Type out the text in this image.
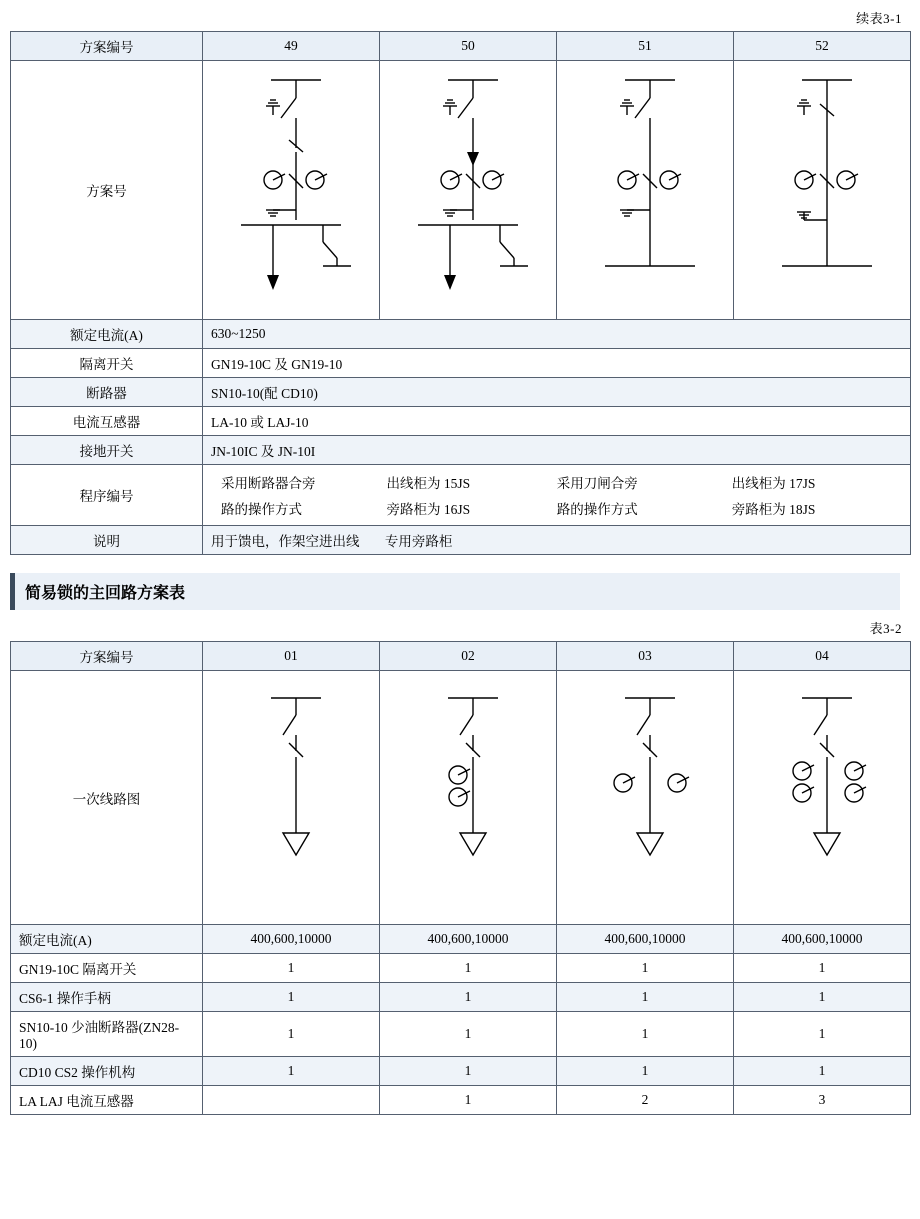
续表3-1
方案编号	49	50	51	52
方案号	

额定电流(A)	630~1250			
隔离开关	GN19-10C 及 GN19-10			
断路器	SN10-10(配 CD10)			
电流互感器	LA-10 或 LAJ-10			
接地开关	JN-10IC 及 JN-10I			
程序编号	
采用断路器合旁	出线柜为 15JS	采用刀闸合旁	出线柜为 17JS
路的操作方式	旁路柜为 16JS	路的操作方式	旁路柜为 18JS

说明	用于馈电，作架空进出线 专用旁路柜			
简易锁的主回路方案表
表3-2
方案编号	01	02	03	04
一次线路图	

额定电流(A)	400,600,10000	400,600,10000	400,600,10000	400,600,10000
GN19-10C 隔离开关	1	1	1	1
CS6-1 操作手柄	1	1	1	1
SN10-10 少油断路器(ZN28-10)	1	1	1	1
CD10 CS2 操作机构	1	1	1	1
LA LAJ 电流互感器		1	2	3
